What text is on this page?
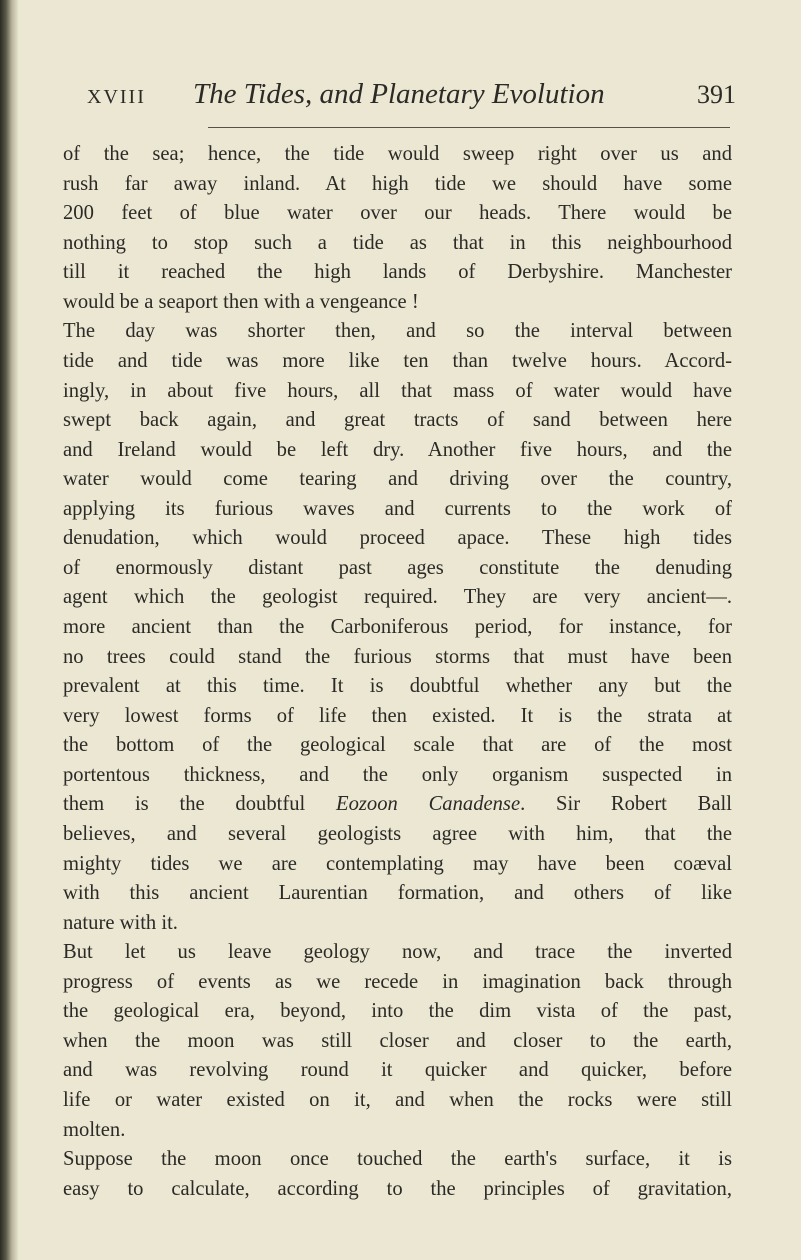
XVIII The Tides, and Planetary Evolution	391

of the sea; hence, the tide would sweep right over us and
rush far away inland. At high tide we should have some
200 feet of blue water over our heads. There would be
nothing to stop such a tide as that in this neighbourhood
till it reached the high lands of Derbyshire. Manchester
would be a seaport then with a vengeance !

The day was shorter then, and so the interval between
tide and tide was more like ten than twelve hours. Accord-
ingly, in about five hours, all that mass of water would have
swept back again, and great tracts of sand between here
and Ireland would be left dry. Another five hours, and the
water would come tearing and driving over the country,
applying its furious waves and currents to the work of
denudation, which would proceed apace. These high tides
of enormously distant past ages constitute the denuding
agent which the geologist required. They are very ancient—.
more ancient than the Carboniferous period, for instance, for
no trees could stand the furious storms that must have been
prevalent at this time. It is doubtful whether any but the
very lowest forms of life then existed. It is the strata at
the bottom of the geological scale that are of the most
portentous thickness, and the only organism suspected in
them is the doubtful Eozoon Canadense. Sir Robert Ball
believes, and several geologists agree with him, that the
mighty tides we are contemplating may have been coæval
with this ancient Laurentian formation, and others of like
nature with it.

But let us leave geology now, and trace the inverted
progress of events as we recede in imagination back through
the geological era, beyond, into the dim vista of the past,
when the moon was still closer and closer to the earth,
and was revolving round it quicker and quicker, before
life or water existed on it, and when the rocks were still
molten.

Suppose the moon once touched the earth's surface, it is
easy to calculate, according to the principles of gravitation,
